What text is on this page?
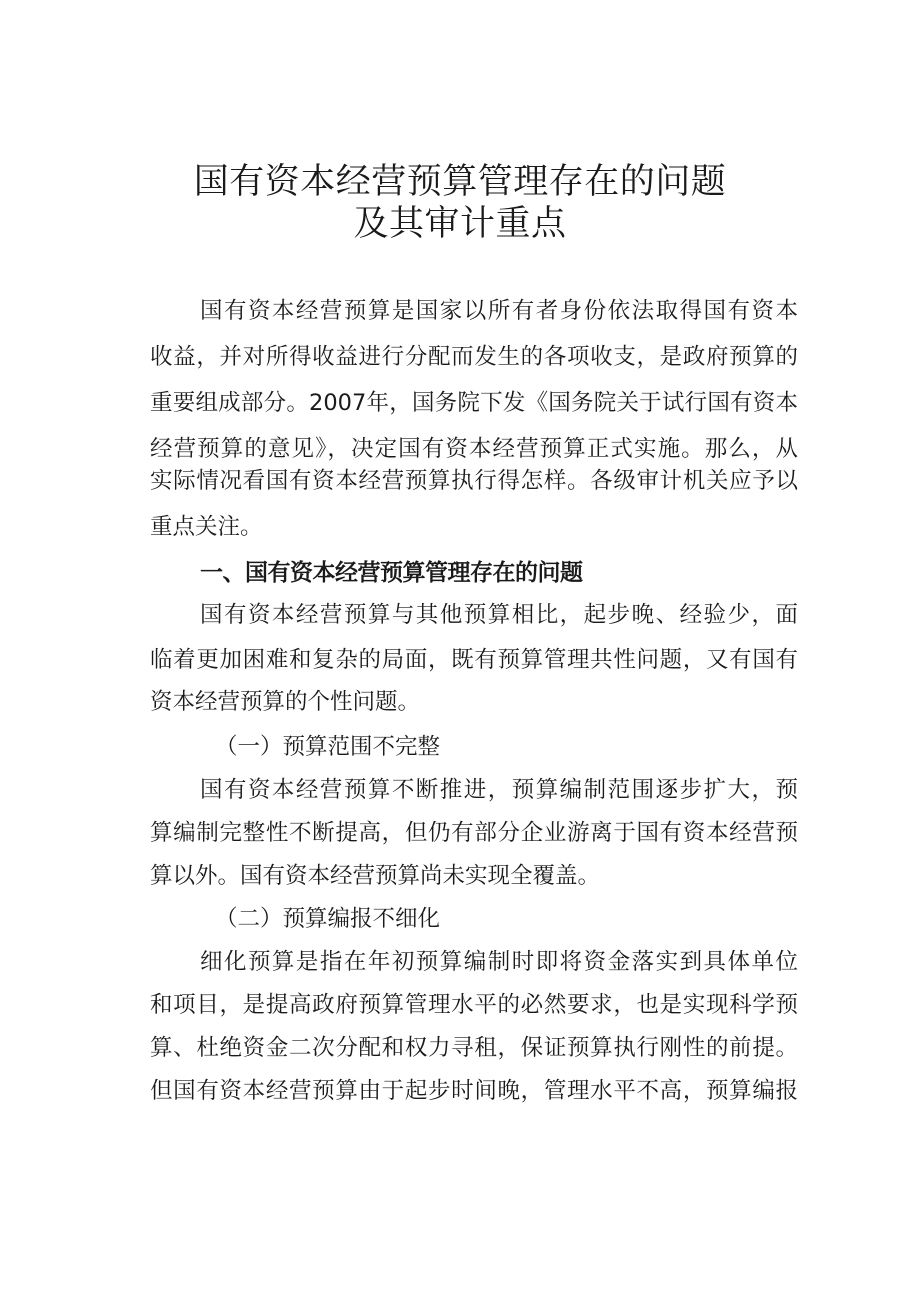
国有资本经营预算管理存在的问题
及其审计重点
国有资本经营预算是国家以所有者身份依法取得国有资本
收益，并对所得收益进行分配而发生的各项收支，是政府预算的
重要组成部分。2007年，国务院下发《国务院关于试行国有资本
经营预算的意见》，决定国有资本经营预算正式实施。那么，从
实际情况看国有资本经营预算执行得怎样。各级审计机关应予以
重点关注。
一、国有资本经营预算管理存在的问题
国有资本经营预算与其他预算相比，起步晚、经验少，面
临着更加困难和复杂的局面，既有预算管理共性问题，又有国有
资本经营预算的个性问题。
（一）预算范围不完整
国有资本经营预算不断推进，预算编制范围逐步扩大，预
算编制完整性不断提高，但仍有部分企业游离于国有资本经营预
算以外。国有资本经营预算尚未实现全覆盖。
（二）预算编报不细化
细化预算是指在年初预算编制时即将资金落实到具体单位
和项目，是提高政府预算管理水平的必然要求，也是实现科学预
算、杜绝资金二次分配和权力寻租，保证预算执行刚性的前提。
但国有资本经营预算由于起步时间晚，管理水平不高，预算编报
